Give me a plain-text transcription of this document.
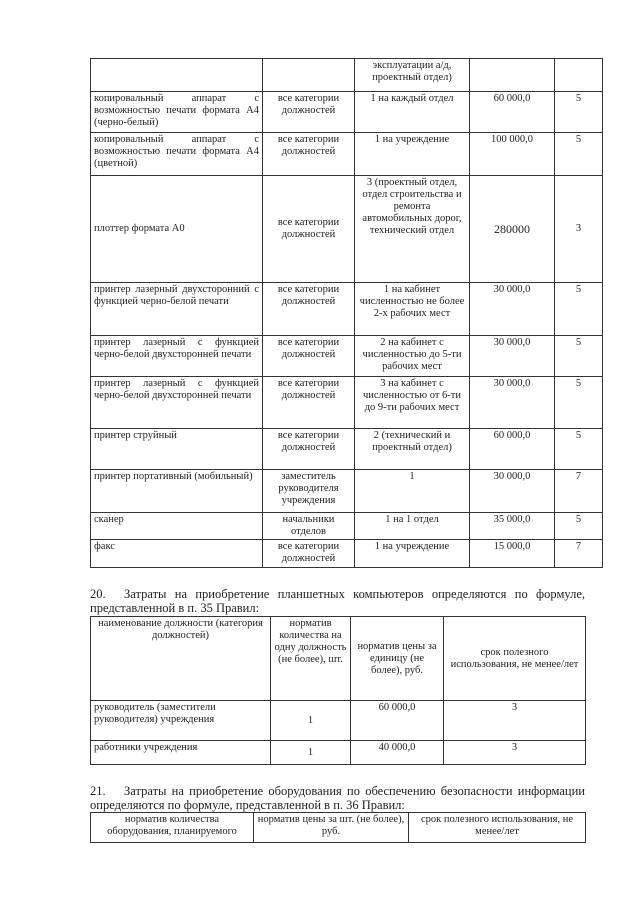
		эксплуатации а/д, проектный отдел)		
копировальный аппарат с возможностью печати формата А4 (черно-белый)	все категории должностей	1 на каждый отдел	60 000,0	5
копировальный аппарат с возможностью печати формата А4 (цветной)	все категории должностей	1 на учреждение	100 000,0	5
плоттер формата А0	все категории должностей	3 (проектный отдел, отдел строительства и ремонта автомобильных дорог, технический отдел	280000	3
принтер лазерный двухсторонний с функцией черно-белой печати	все категории должностей	1 на кабинет численностью не более 2-х рабочих мест	30 000,0	5
принтер лазерный с функцией черно-белой двухсторонней печати	все категории должностей	2 на кабинет с численностью до 5-ти рабочих мест	30 000,0	5
принтер лазерный с функцией черно-белой двухсторонней печати	все категории должностей	3 на кабинет с численностью от 6-ти до 9-ти рабочих мест	30 000,0	5
принтер струйный	все категории должностей	2 (технический и проектный отдел)	60 000,0	5
принтер портативный (мобильный)	заместитель руководителя учреждения	1	30 000,0	7
сканер	начальники отделов	1 на 1 отдел	35 000,0	5
факс	все категории должностей	1 на учреждение	15 000,0	7
20. Затраты на приобретение планшетных компьютеров определяются по формуле, представленной в п. 35 Правил:
наименование должности (категория должностей)	норматив количества на одну должность (не более), шт.	норматив цены за единицу (не более), руб.	срок полезного использования, не менее/лет
руководитель (заместители руководителя) учреждения	1	60 000,0	3
работники учреждения	1	40 000,0	3
21. Затраты на приобретение оборудования по обеспечению безопасности информации определяются по формуле, представленной в п. 36 Правил:
норматив количества оборудования, планируемого	норматив цены за шт. (не более), руб.	срок полезного использования, не менее/лет
